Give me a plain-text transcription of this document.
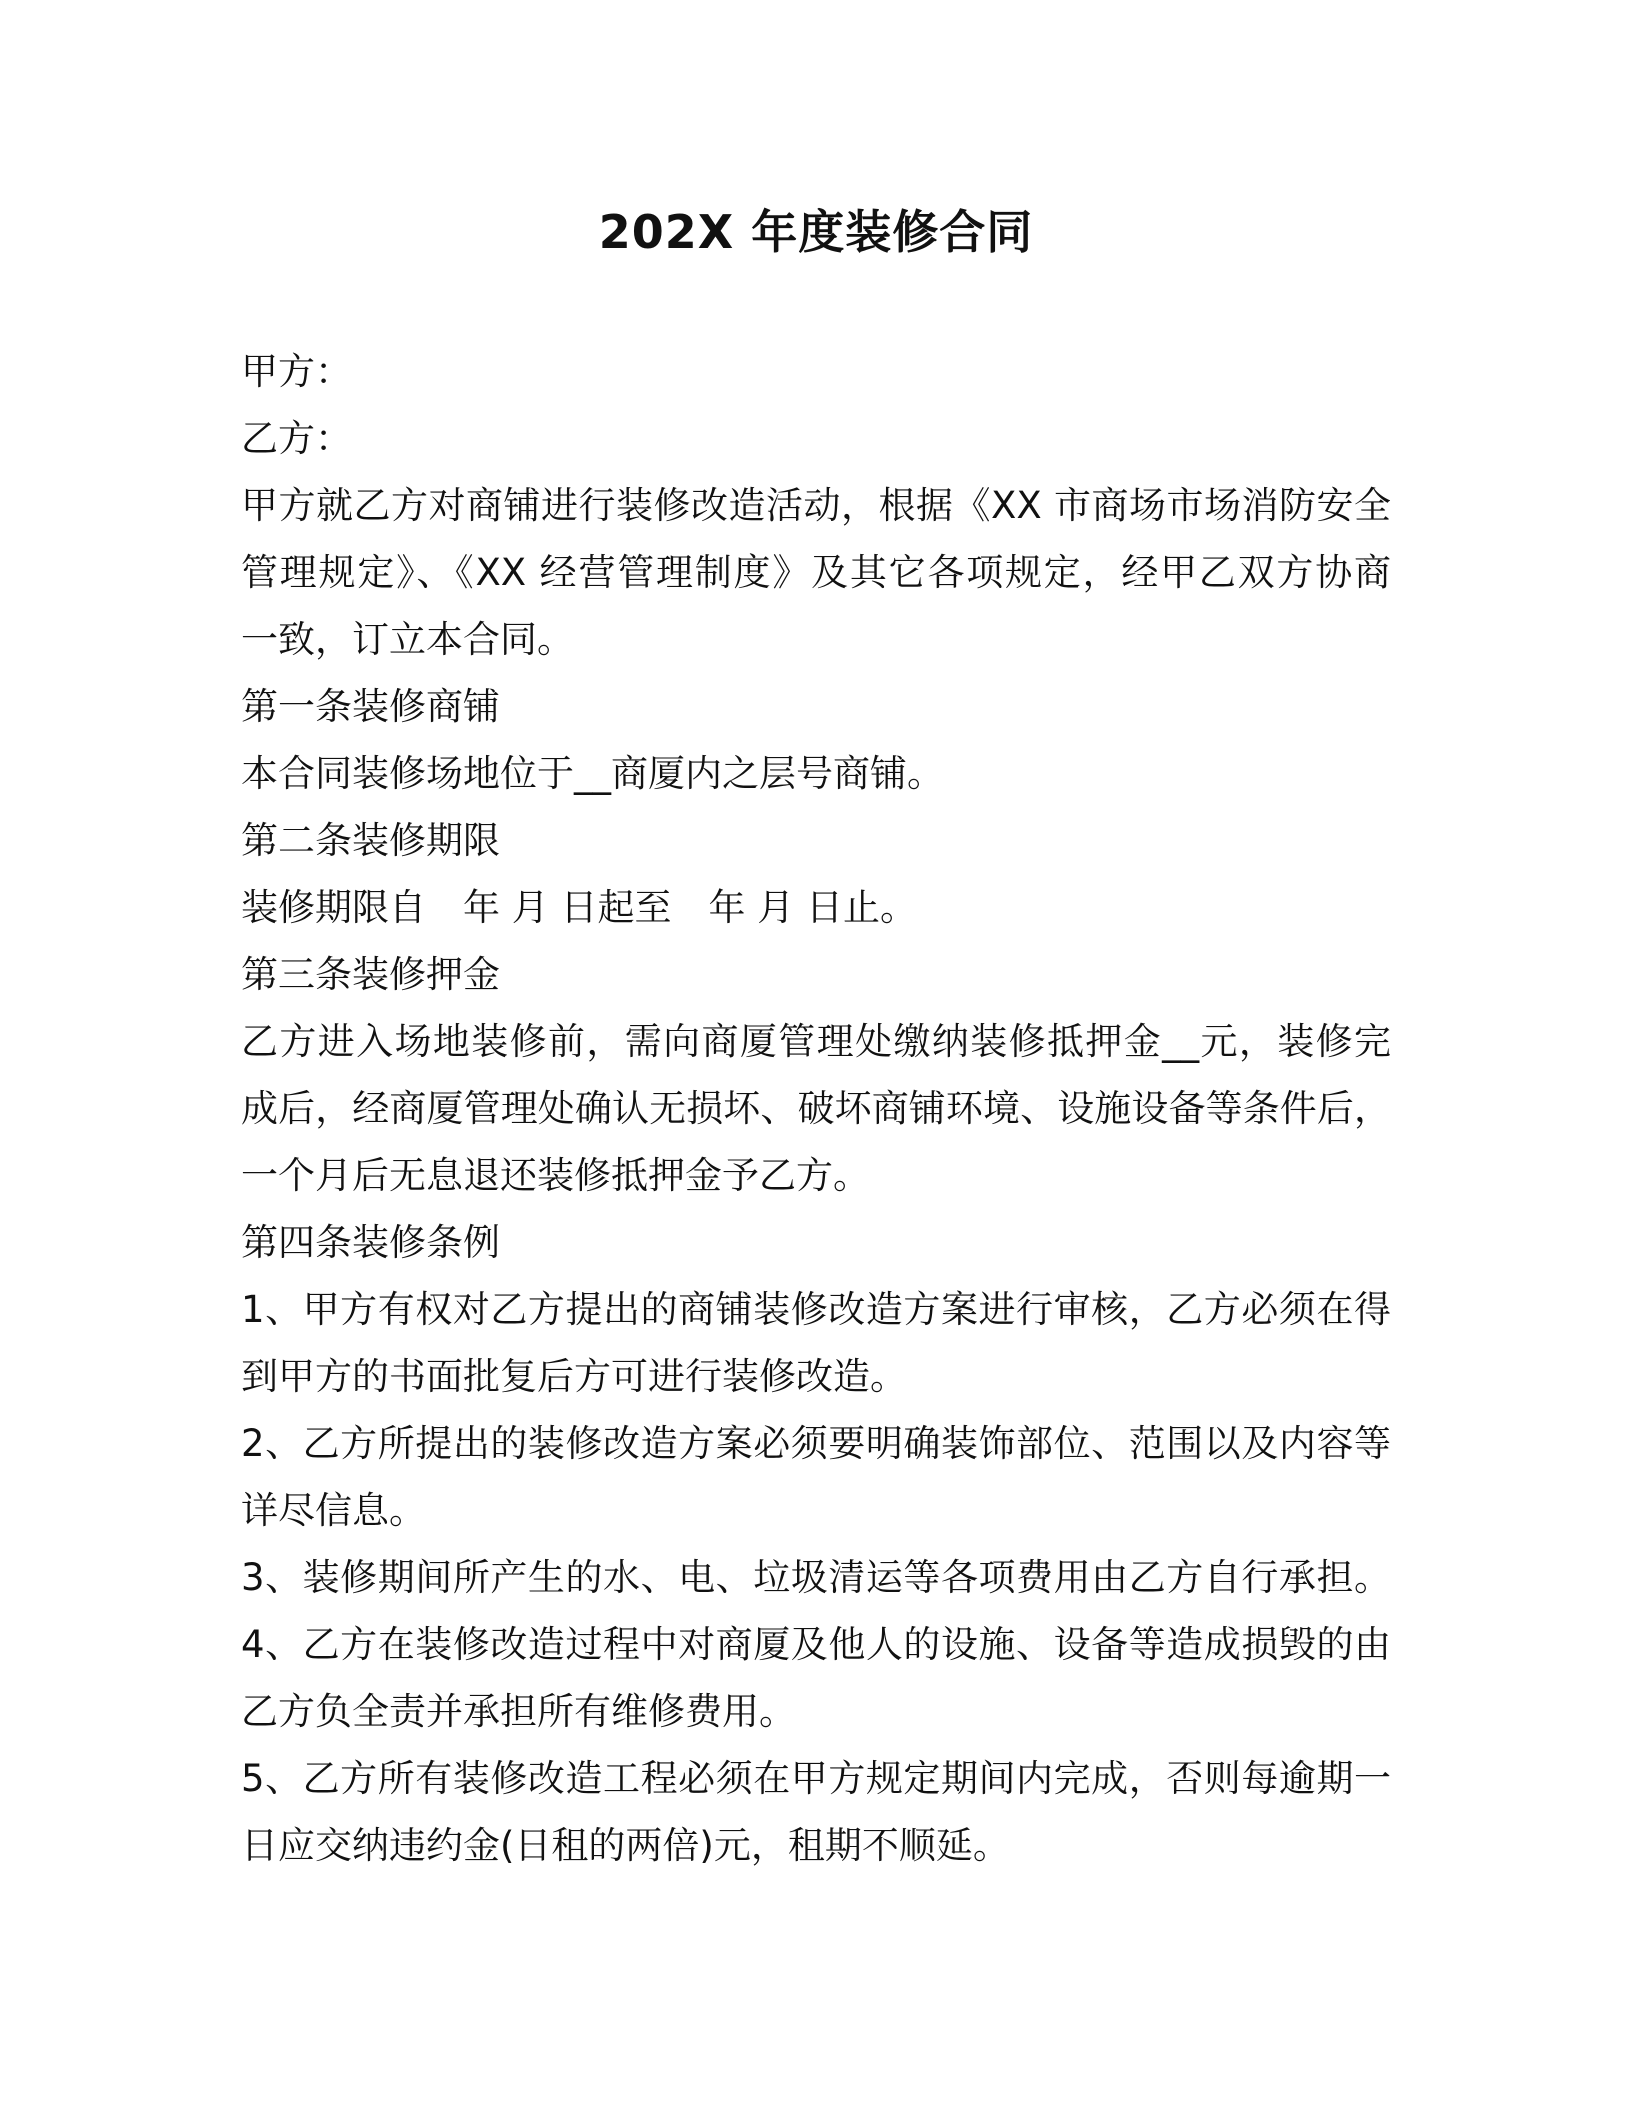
202X 年度装修合同
甲方：
乙方：
甲方就乙方对商铺进行装修改造活动，根据《XX 市商场市场消防安全
管理规定》、《XX 经营管理制度》及其它各项规定，经甲乙双方协商
一致，订立本合同。
第一条装修商铺
本合同装修场地位于__商厦内之层号商铺。
第二条装修期限
装修期限自　年 月 日起至　年 月 日止。
第三条装修押金
乙方进入场地装修前，需向商厦管理处缴纳装修抵押金__元，装修完
成后，经商厦管理处确认无损坏、破坏商铺环境、设施设备等条件后，
一个月后无息退还装修抵押金予乙方。
第四条装修条例
1、甲方有权对乙方提出的商铺装修改造方案进行审核，乙方必须在得
到甲方的书面批复后方可进行装修改造。
2、乙方所提出的装修改造方案必须要明确装饰部位、范围以及内容等
详尽信息。
3、装修期间所产生的水、电、垃圾清运等各项费用由乙方自行承担。
4、乙方在装修改造过程中对商厦及他人的设施、设备等造成损毁的由
乙方负全责并承担所有维修费用。
5、乙方所有装修改造工程必须在甲方规定期间内完成，否则每逾期一
日应交纳违约金(日租的两倍)元，租期不顺延。
